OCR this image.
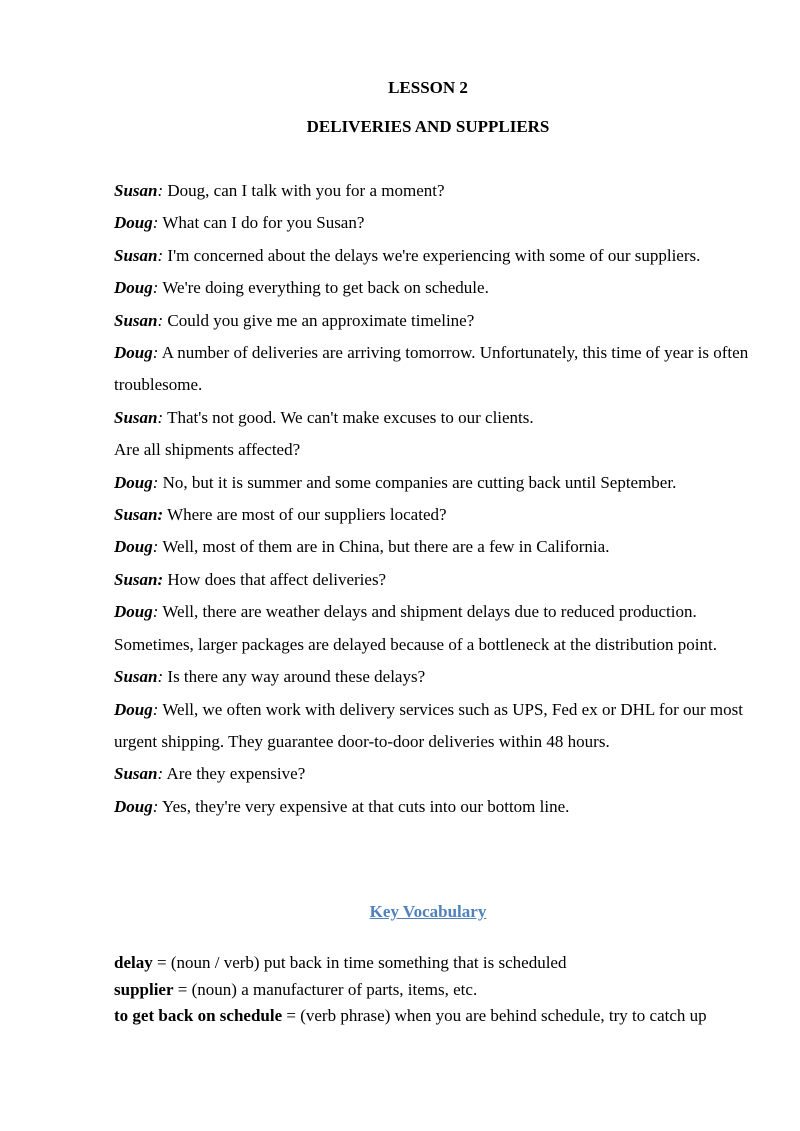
LESSON 2
DELIVERIES AND SUPPLIERS

Susan: Doug, can I talk with you for a moment?

Doug: What can I do for you Susan?

Susan: I'm concerned about the delays we're experiencing with some of our suppliers.

Doug: We're doing everything to get back on schedule.

Susan: Could you give me an approximate timeline?

Doug: A number of deliveries are arriving tomorrow. Unfortunately, this time of year is often troublesome.

Susan: That's not good. We can't make excuses to our clients.

Are all shipments affected?

Doug: No, but it is summer and some companies are cutting back until September.

Susan: Where are most of our suppliers located?

Doug: Well, most of them are in China, but there are a few in California.

Susan: How does that affect deliveries?

Doug: Well, there are weather delays and shipment delays due to reduced production. Sometimes, larger packages are delayed because of a bottleneck at the distribution point.

Susan: Is there any way around these delays?

Doug: Well, we often work with delivery services such as UPS, Fed ex or DHL for our most urgent shipping. They guarantee door-to-door deliveries within 48 hours.

Susan: Are they expensive?

Doug: Yes, they're very expensive at that cuts into our bottom line.

Key Vocabulary

delay = (noun / verb) put back in time something that is scheduled

supplier = (noun) a manufacturer of parts, items, etc.

to get back on schedule = (verb phrase) when you are behind schedule, try to catch up
